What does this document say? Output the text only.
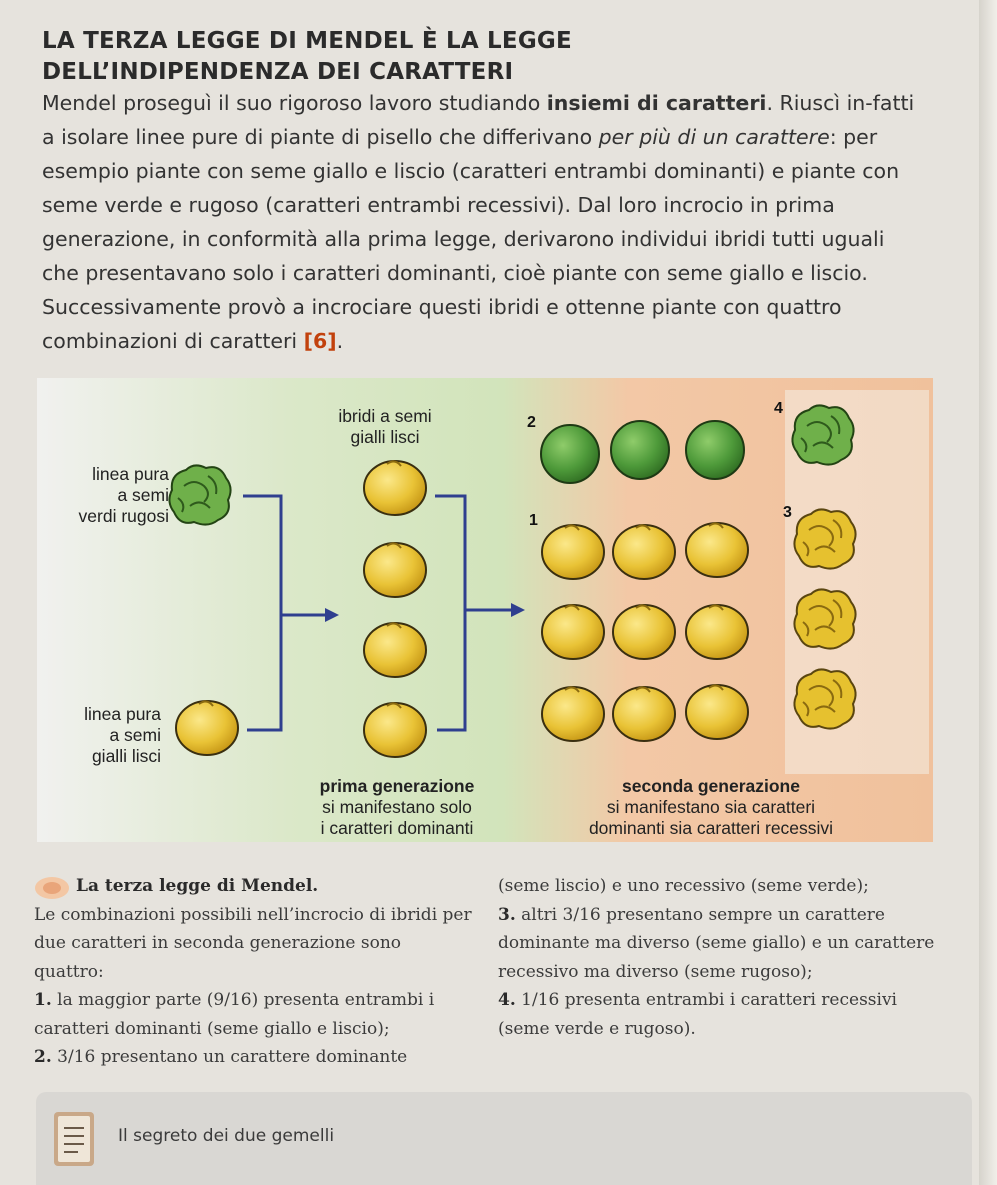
LA TERZA LEGGE DI MENDEL È LA LEGGE
DELL’INDIPENDENZA DEI CARATTERI
Mendel proseguì il suo rigoroso lavoro studiando insiemi di caratteri. Riuscì in-fatti a isolare linee pure di piante di pisello che differivano per più di un carattere: per esempio piante con seme giallo e liscio (caratteri entrambi dominanti) e piante con seme verde e rugoso (caratteri entrambi recessivi). Dal loro incrocio in prima generazione, in conformità alla prima legge, derivarono individui ibridi tutti uguali che presentavano solo i caratteri dominanti, cioè piante con seme giallo e liscio. Successivamente provò a incrociare questi ibridi e ottenne piante con quattro combinazioni di caratteri [6].
linea pura
a semi
verdi rugosi
linea pura
a semi
gialli lisci
ibridi a semi
gialli lisci
2
4
1	3
prima generazione
si manifestano solo
i caratteri dominanti
seconda generazione
si manifestano sia caratteri
dominanti sia caratteri recessivi
La terza legge di Mendel.
Le combinazioni possibili nell’incrocio di ibridi per due caratteri in seconda generazione sono quattro:
1. la maggior parte (9/16) presenta entrambi i caratteri dominanti (seme giallo e liscio);
2. 3/16 presentano un carattere dominante
(seme liscio) e uno recessivo (seme verde);
3. altri 3/16 presentano sempre un carattere dominante ma diverso (seme giallo) e un carattere recessivo ma diverso (seme rugoso);
4. 1/16 presenta entrambi i caratteri recessivi (seme verde e rugoso).
Il segreto dei due gemelli
